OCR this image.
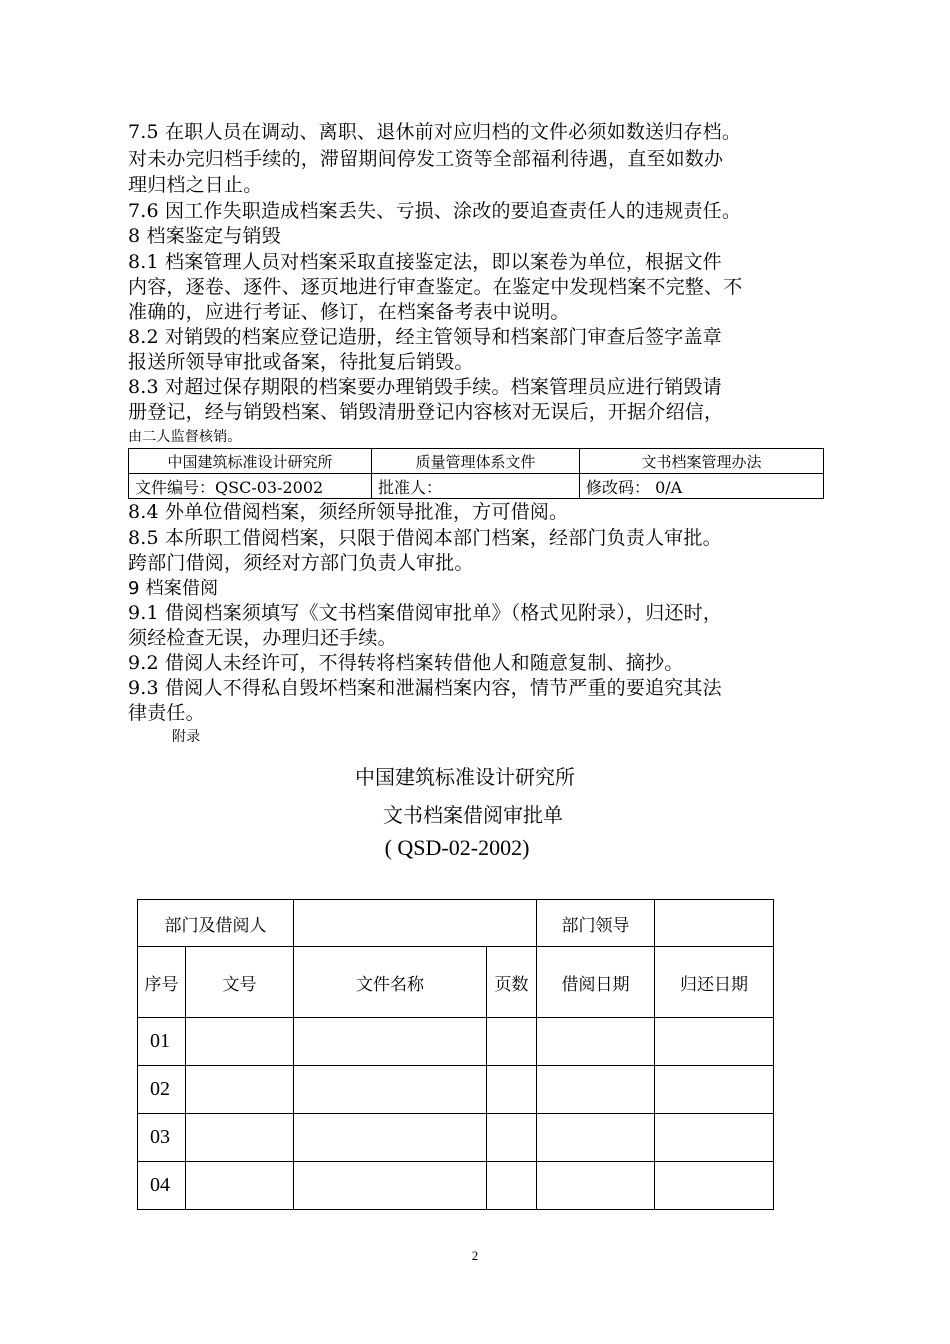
7.5 在职人员在调动、离职、退休前对应归档的文件必须如数送归存档。
对未办完归档手续的，滞留期间停发工资等全部福利待遇，直至如数办
理归档之日止。
7.6 因工作失职造成档案丢失、亏损、涂改的要追查责任人的违规责任。
8 档案鉴定与销毁
8.1 档案管理人员对档案采取直接鉴定法，即以案卷为单位，根据文件
内容，逐卷、逐件、逐页地进行审查鉴定。在鉴定中发现档案不完整、不
准确的，应进行考证、修订，在档案备考表中说明。
8.2 对销毁的档案应登记造册，经主管领导和档案部门审查后签字盖章
报送所领导审批或备案，待批复后销毁。
8.3 对超过保存期限的档案要办理销毁手续。档案管理员应进行销毁请
册登记，经与销毁档案、销毁清册登记内容核对无误后，开据介绍信，
由二人监督核销。
中国建筑标准设计研究所	质量管理体系文件	文书档案管理办法
文件编号：QSC-03-2002	批准人：	修改码： 0/A
8.4 外单位借阅档案，须经所领导批准，方可借阅。
8.5 本所职工借阅档案，只限于借阅本部门档案，经部门负责人审批。
跨部门借阅，须经对方部门负责人审批。
9 档案借阅
9.1 借阅档案须填写《文书档案借阅审批单》（格式见附录），归还时，
须经检查无误，办理归还手续。
9.2 借阅人未经许可，不得转将档案转借他人和随意复制、摘抄。
9.3 借阅人不得私自毁坏档案和泄漏档案内容，情节严重的要追究其法
律责任。
附录
中国建筑标准设计研究所
文书档案借阅审批单
( QSD-02-2002)
部门及借阅人				部门领导	
序号	文号	文件名称	页数	借阅日期	归还日期
01					
02					
03					
04					
2
